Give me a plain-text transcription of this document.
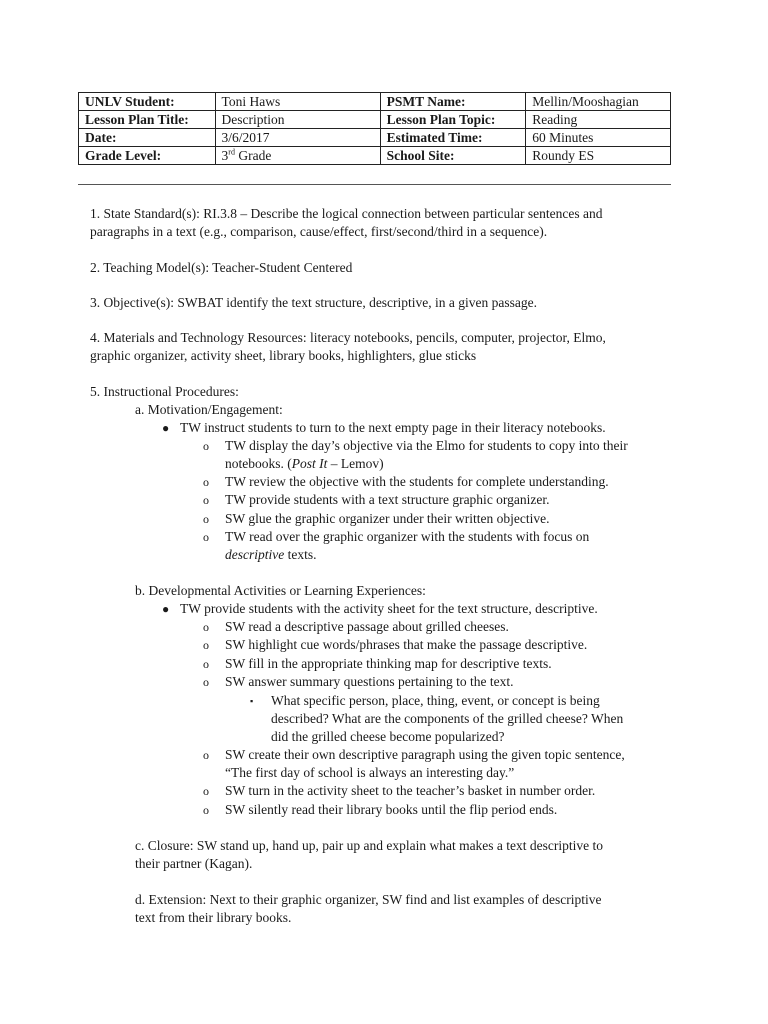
UNLV Student:	Toni Haws	PSMT Name:	Mellin/Mooshagian
Lesson Plan Title:	Description	Lesson Plan Topic:	Reading
Date:	3/6/2017	Estimated Time:	60 Minutes
Grade Level:	3rd Grade	School Site:	Roundy ES
1. State Standard(s): RI.3.8 – Describe the logical connection between particular sentences and
paragraphs in a text (e.g., comparison, cause/effect, first/second/third in a sequence).
2. Teaching Model(s): Teacher-Student Centered
3. Objective(s): SWBAT identify the text structure, descriptive, in a given passage.
4. Materials and Technology Resources: literacy notebooks, pencils, computer, projector, Elmo,
graphic organizer, activity sheet, library books, highlighters, glue sticks
5. Instructional Procedures:
a. Motivation/Engagement:
● TW instruct students to turn to the next empty page in their literacy notebooks.
o TW display the day’s objective via the Elmo for students to copy into their
notebooks. (Post It – Lemov)
o TW review the objective with the students for complete understanding.
o TW provide students with a text structure graphic organizer.
o SW glue the graphic organizer under their written objective.
o TW read over the graphic organizer with the students with focus on
descriptive texts.
b. Developmental Activities or Learning Experiences:
● TW provide students with the activity sheet for the text structure, descriptive.
o SW read a descriptive passage about grilled cheeses.
o SW highlight cue words/phrases that make the passage descriptive.
o SW fill in the appropriate thinking map for descriptive texts.
o SW answer summary questions pertaining to the text.
▪ What specific person, place, thing, event, or concept is being
described? What are the components of the grilled cheese? When
did the grilled cheese become popularized?
o SW create their own descriptive paragraph using the given topic sentence,
“The first day of school is always an interesting day.”
o SW turn in the activity sheet to the teacher’s basket in number order.
o SW silently read their library books until the flip period ends.
c. Closure: SW stand up, hand up, pair up and explain what makes a text descriptive to
their partner (Kagan).
d. Extension: Next to their graphic organizer, SW find and list examples of descriptive
text from their library books.
